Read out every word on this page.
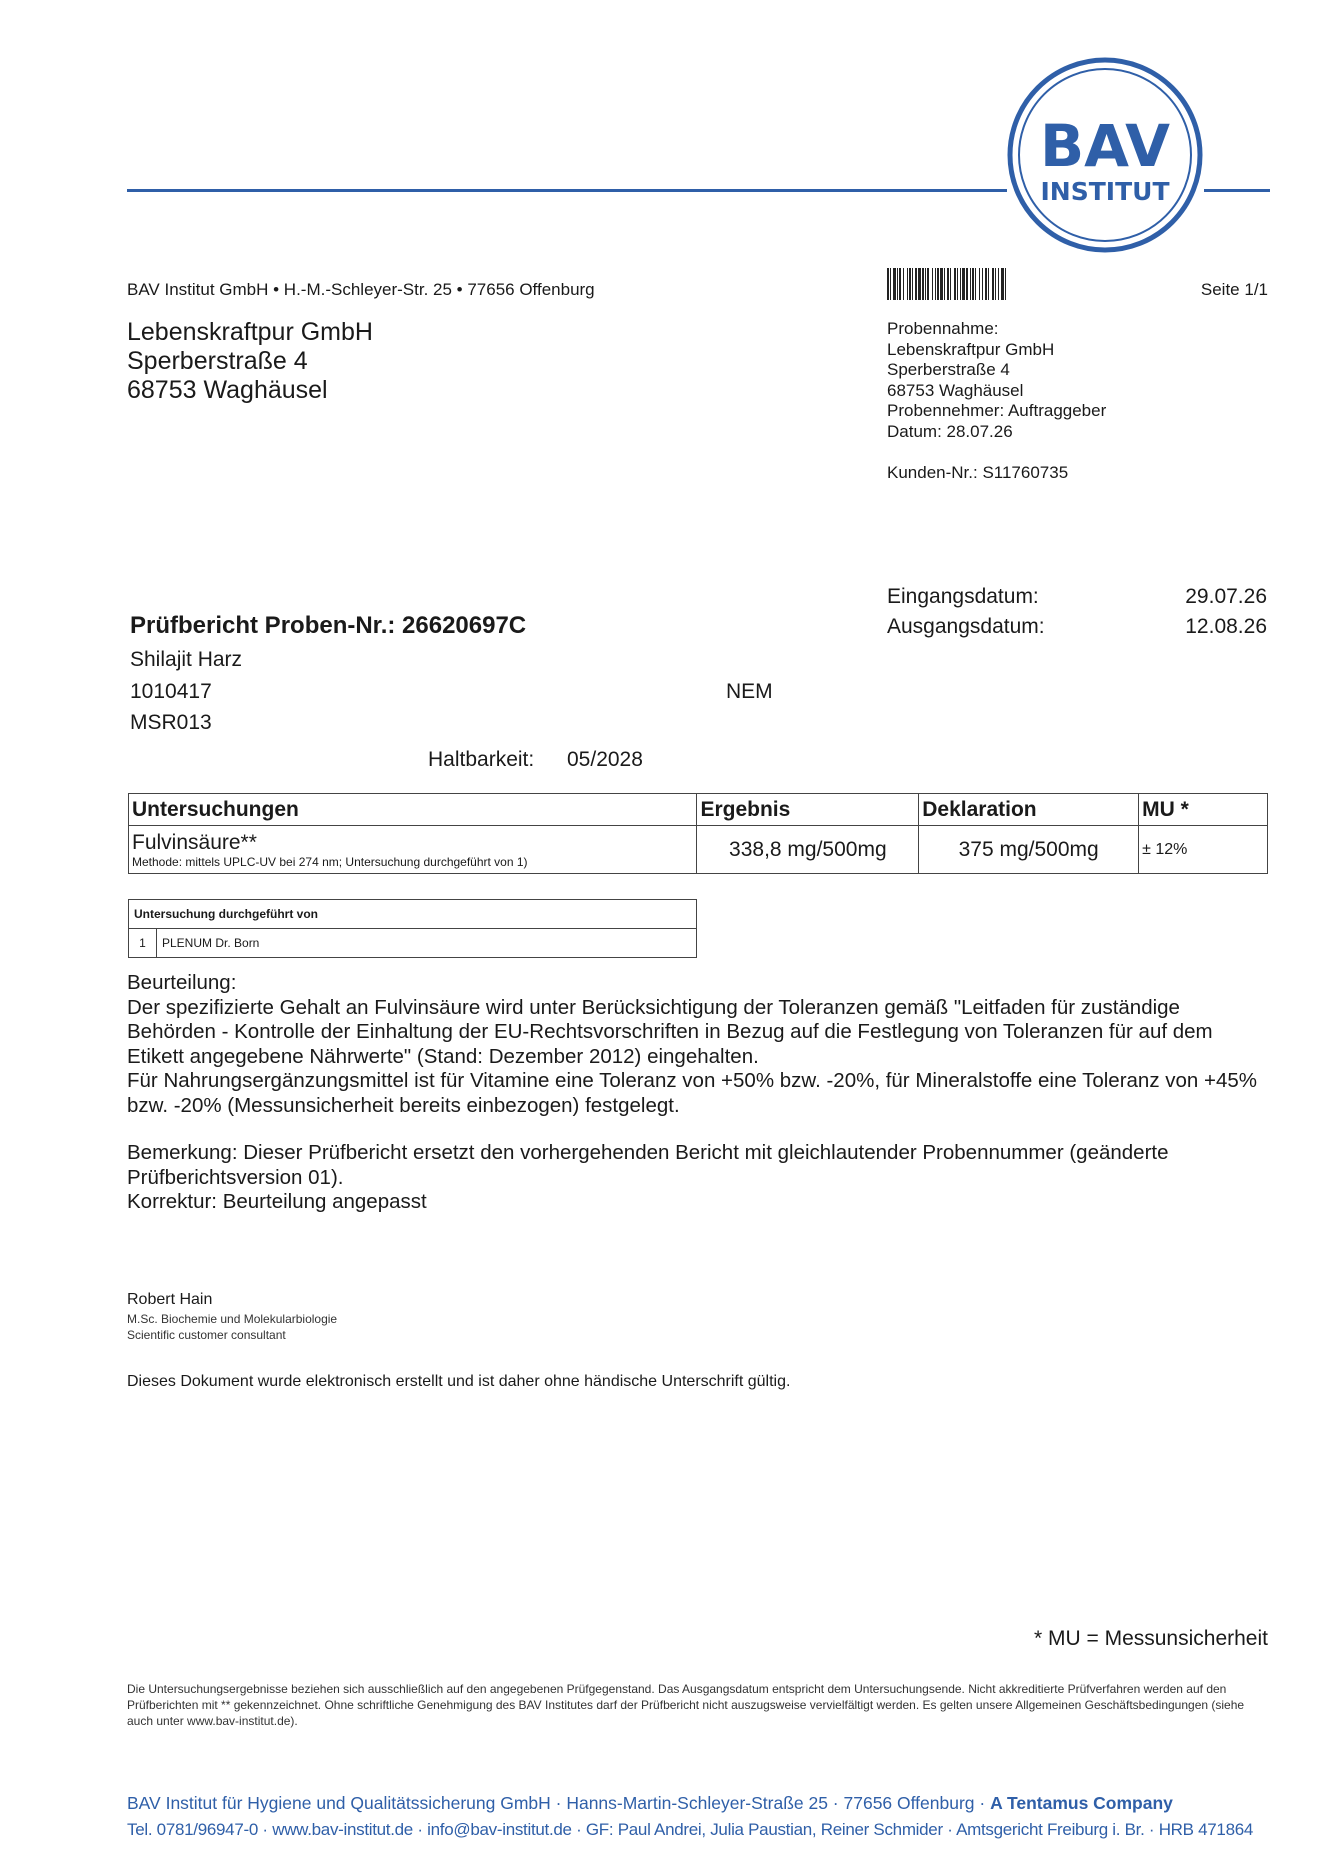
BAV
INSTITUT
BAV Institut GmbH • H.-M.-Schleyer-Str. 25 • 77656 Offenburg
Lebenskraftpur GmbH
Sperberstraße 4
68753 Waghäusel
Seite 1/1
Probennahme:
Lebenskraftpur GmbH
Sperberstraße 4
68753 Waghäusel
Probennehmer: Auftraggeber
Datum: 28.07.26
Kunden-Nr.: S11760735
Eingangsdatum:	29.07.26
Ausgangsdatum:	12.08.26
Prüfbericht Proben-Nr.: 26620697C
Shilajit Harz
1010417	NEM
MSR013
Haltbarkeit: 05/2028
Untersuchungen	Ergebnis	Deklaration	MU *

Fulvinsäure**
Methode: mittels UPLC-UV bei 274 nm; Untersuchung durchgeführt von 1)	338,8 mg/500mg	375 mg/500mg	± 12%
Untersuchung durchgeführt von
1	PLENUM Dr. Born
Beurteilung:
Der spezifizierte Gehalt an Fulvinsäure wird unter Berücksichtigung der Toleranzen gemäß "Leitfaden für zuständige Behörden - Kontrolle der Einhaltung der EU-Rechtsvorschriften in Bezug auf die Festlegung von Toleranzen für auf dem Etikett angegebene Nährwerte" (Stand: Dezember 2012) eingehalten.
Für Nahrungsergänzungsmittel ist für Vitamine eine Toleranz von +50% bzw. -20%, für Mineralstoffe eine Toleranz von +45% bzw. -20% (Messunsicherheit bereits einbezogen) festgelegt.
Bemerkung: Dieser Prüfbericht ersetzt den vorhergehenden Bericht mit gleichlautender Probennummer (geänderte Prüfberichtsversion 01).
Korrektur: Beurteilung angepasst
Robert Hain
M.Sc. Biochemie und Molekularbiologie
Scientific customer consultant
Dieses Dokument wurde elektronisch erstellt und ist daher ohne händische Unterschrift gültig.
* MU = Messunsicherheit
Die Untersuchungsergebnisse beziehen sich ausschließlich auf den angegebenen Prüfgegenstand. Das Ausgangsdatum entspricht dem Untersuchungsende. Nicht akkreditierte Prüfverfahren werden auf den Prüfberichten mit ** gekennzeichnet. Ohne schriftliche Genehmigung des BAV Institutes darf der Prüfbericht nicht auszugsweise vervielfältigt werden. Es gelten unsere Allgemeinen Geschäftsbedingungen (siehe auch unter www.bav-institut.de).
BAV Institut für Hygiene und Qualitätssicherung GmbH · Hanns-Martin-Schleyer-Straße 25 · 77656 Offenburg · A Tentamus Company
Tel. 0781/96947-0 · www.bav-institut.de · info@bav-institut.de · GF: Paul Andrei, Julia Paustian, Reiner Schmider · Amtsgericht Freiburg i. Br. · HRB 471864
